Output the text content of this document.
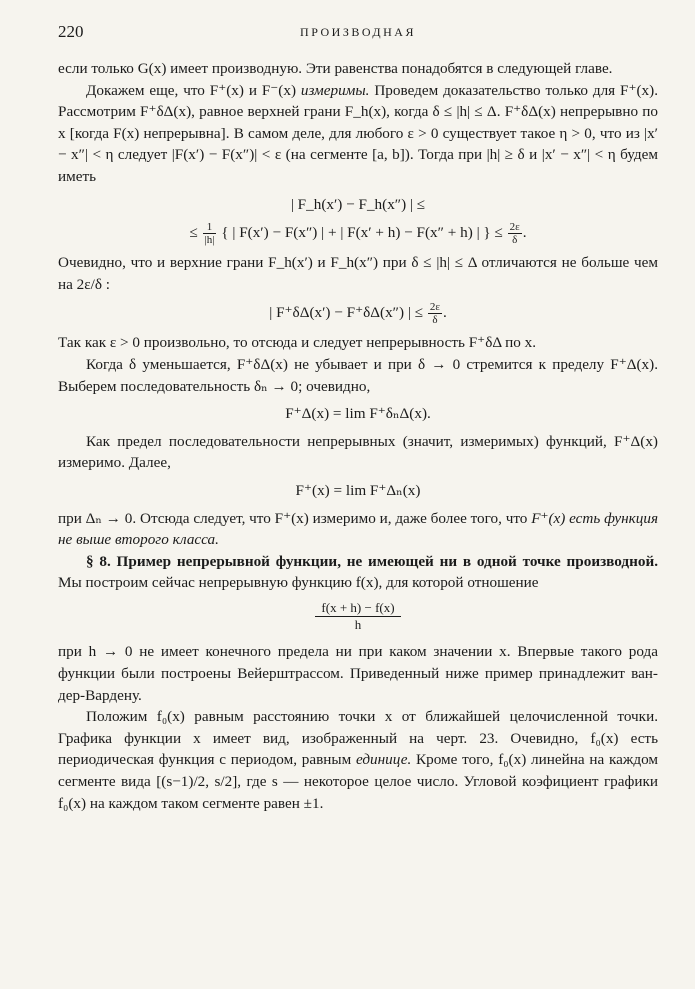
220	ПРОИЗВОДНАЯ

если только G(x) имеет производную. Эти равенства понадобятся в следующей главе.

Докажем еще, что F⁺(x) и F⁻(x) измеримы. Проведем доказательство только для F⁺(x). Рассмотрим F⁺δΔ(x), равное верхней грани F_h(x), когда δ ≤ |h| ≤ Δ. F⁺δΔ(x) непрерывно по x [когда F(x) непрерывна]. В самом деле, для любого ε > 0 существует такое η > 0, что из |x′ − x″| < η следует |F(x′) − F(x″)| < ε (на сегменте [a, b]). Тогда при |h| ≥ δ и |x′ − x″| < η будем иметь

| F_h(x′) − F_h(x″) | ≤
≤ $\frac{1}{|h|}$ { | F(x′) − F(x″) | + | F(x′ + h) − F(x″ + h) | } ≤ $\frac{2\varepsilon}{\delta}$ .

Очевидно, что и верхние грани F_h(x′) и F_h(x″) при δ ≤ |h| ≤ Δ отличаются не больше чем на 2ε/δ :

| F⁺δΔ(x′) − F⁺δΔ(x″) | ≤ $\frac{2\varepsilon}{\delta}$ .

Так как ε > 0 произвольно, то отсюда и следует непрерывность F⁺δΔ по x.

Когда δ уменьшается, F⁺δΔ(x) не убывает и при δ → 0 стремится к пределу F⁺Δ(x). Выберем последовательность δₙ → 0; очевидно,

F⁺Δ(x) = lim F⁺δₙΔ(x).

Как предел последовательности непрерывных (значит, измеримых) функций, F⁺Δ(x) измеримо. Далее,

F⁺(x) = lim F⁺Δₙ(x)

при Δₙ → 0. Отсюда следует, что F⁺(x) измеримо и, даже более того, что F⁺(x) есть функция не выше второго класса.

§ 8. Пример непрерывной функции, не имеющей ни в одной точке производной. Мы построим сейчас непрерывную функцию f(x), для которой отношение

$\frac{f(x + h) - f(x)}{h}$

при h → 0 не имеет конечного предела ни при каком значении x. Впервые такого рода функции были построены Вейерштрассом. Приведенный ниже пример принадлежит ван-дер-Вардену.

Положим f₀(x) равным расстоянию точки x от ближайшей целочисленной точки. Графика функции x имеет вид, изображенный на черт. 23. Очевидно, f₀(x) есть периодическая функция с периодом, равным единице. Кроме того, f₀(x) линейна на каждом сегменте вида [(s−1)/2, s/2], где s — некоторое целое число. Угловой коэфициент графики f₀(x) на каждом таком сегменте равен ±1.
